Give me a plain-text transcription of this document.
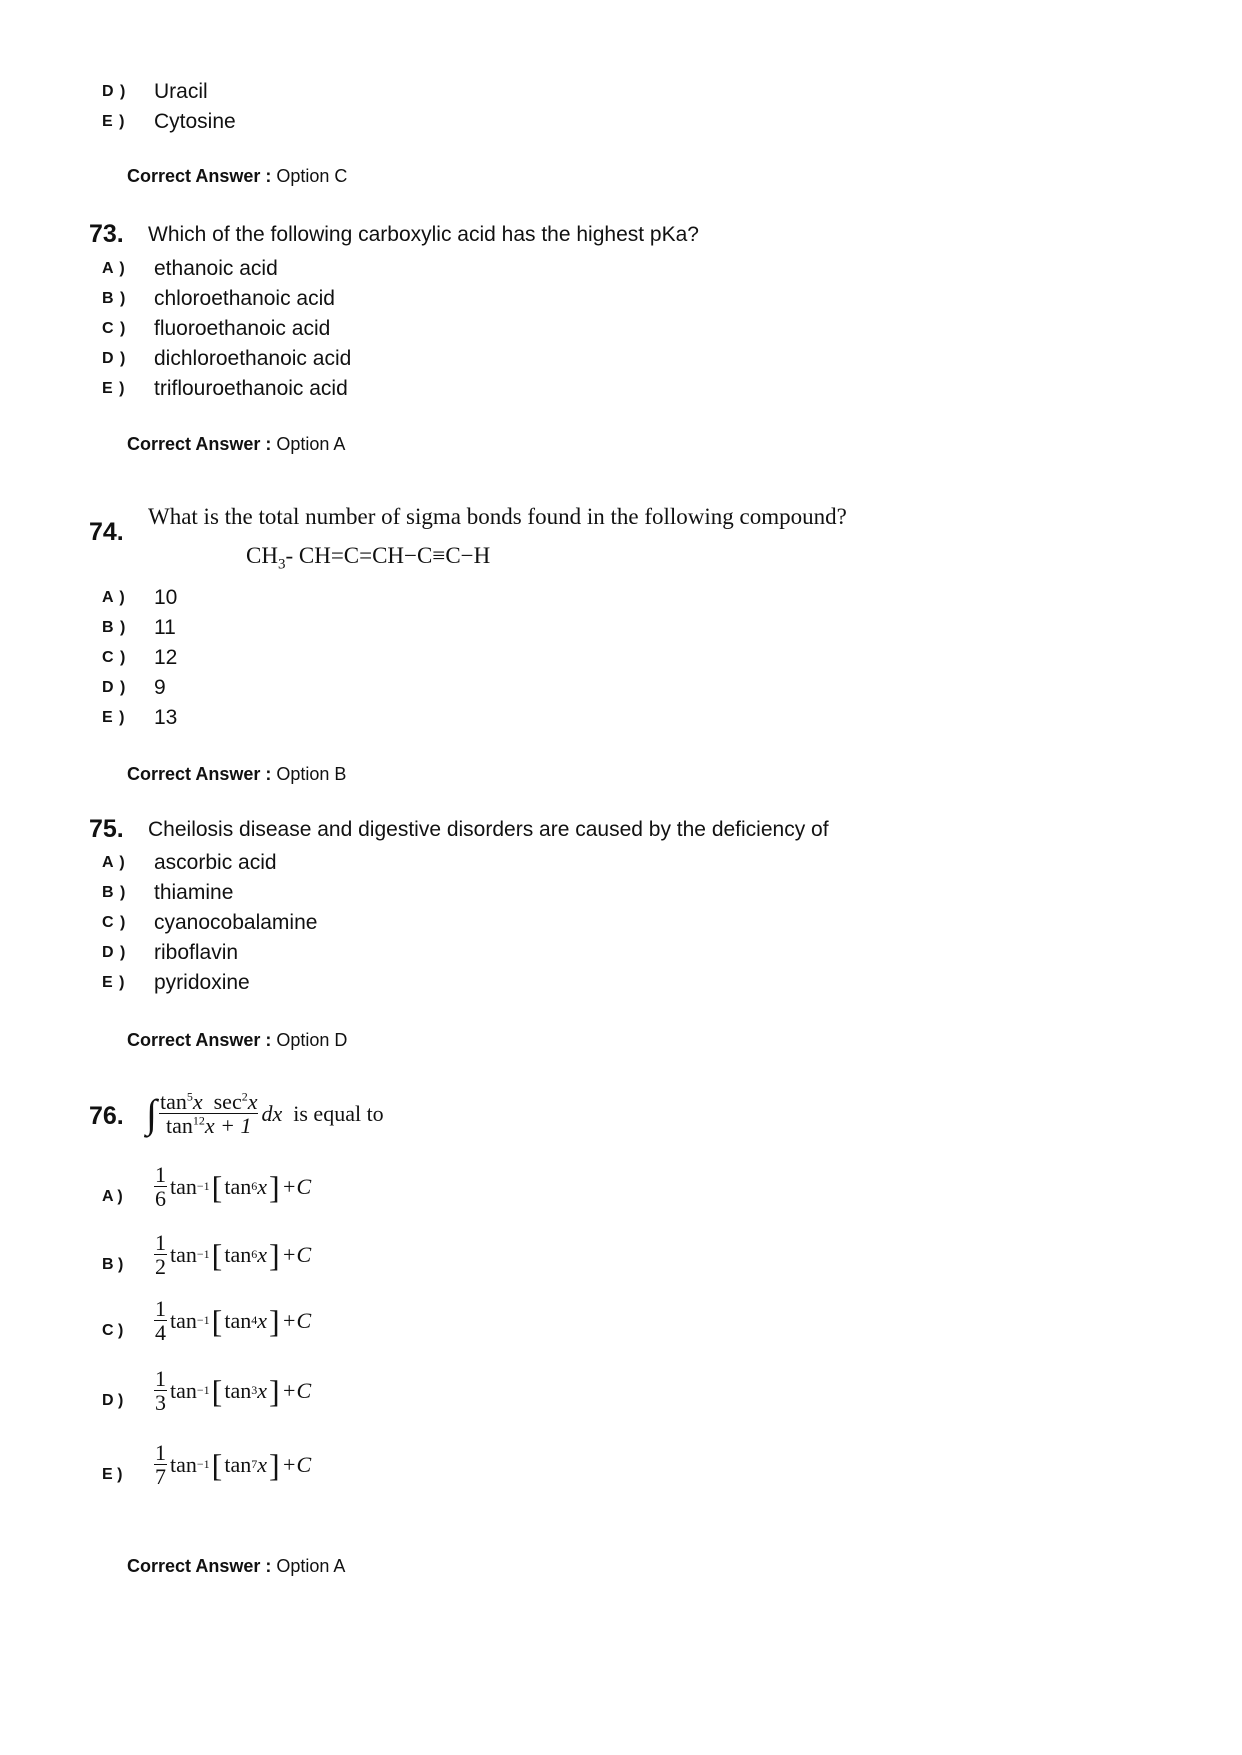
D )	Uracil
E )	Cytosine
Correct Answer : Option C
73. Which of the following carboxylic acid has the highest pKa?
A )	ethanoic acid
B )	chloroethanoic acid
C )	fluoroethanoic acid
D )	dichloroethanoic acid
E )	triflouroethanoic acid
Correct Answer : Option A
74.
What is the total number of sigma bonds found in the following compound?
$CH_3-$ CH=C=CH−C≡C−H
A )	10
B )	11
C )	12
D )	9
E )	13
Correct Answer : Option B
75. Cheilosis disease and digestive disorders are caused by the deficiency of
A )	ascorbic acid
B )	thiamine
C )	cyanocobalamine
D )	riboflavin
E )	pyridoxine
Correct Answer : Option D
76. ∫ $\frac{\tan^5x \sec^2x}{\tan^{12}x + 1}$ dx
is equal to
A ) $\frac{1}{6}$ tan −1 [ tan 6 x ] +C
B ) $\frac{1}{2}$ tan −1 [ tan 6 x ] +C
C ) $\frac{1}{4}$ tan −1 [ tan 4 x ] +C
D ) $\frac{1}{3}$ tan −1 [ tan 3 x ] +C
E ) $\frac{1}{7}$ tan −1 [ tan 7 x ] +C
Correct Answer : Option A
